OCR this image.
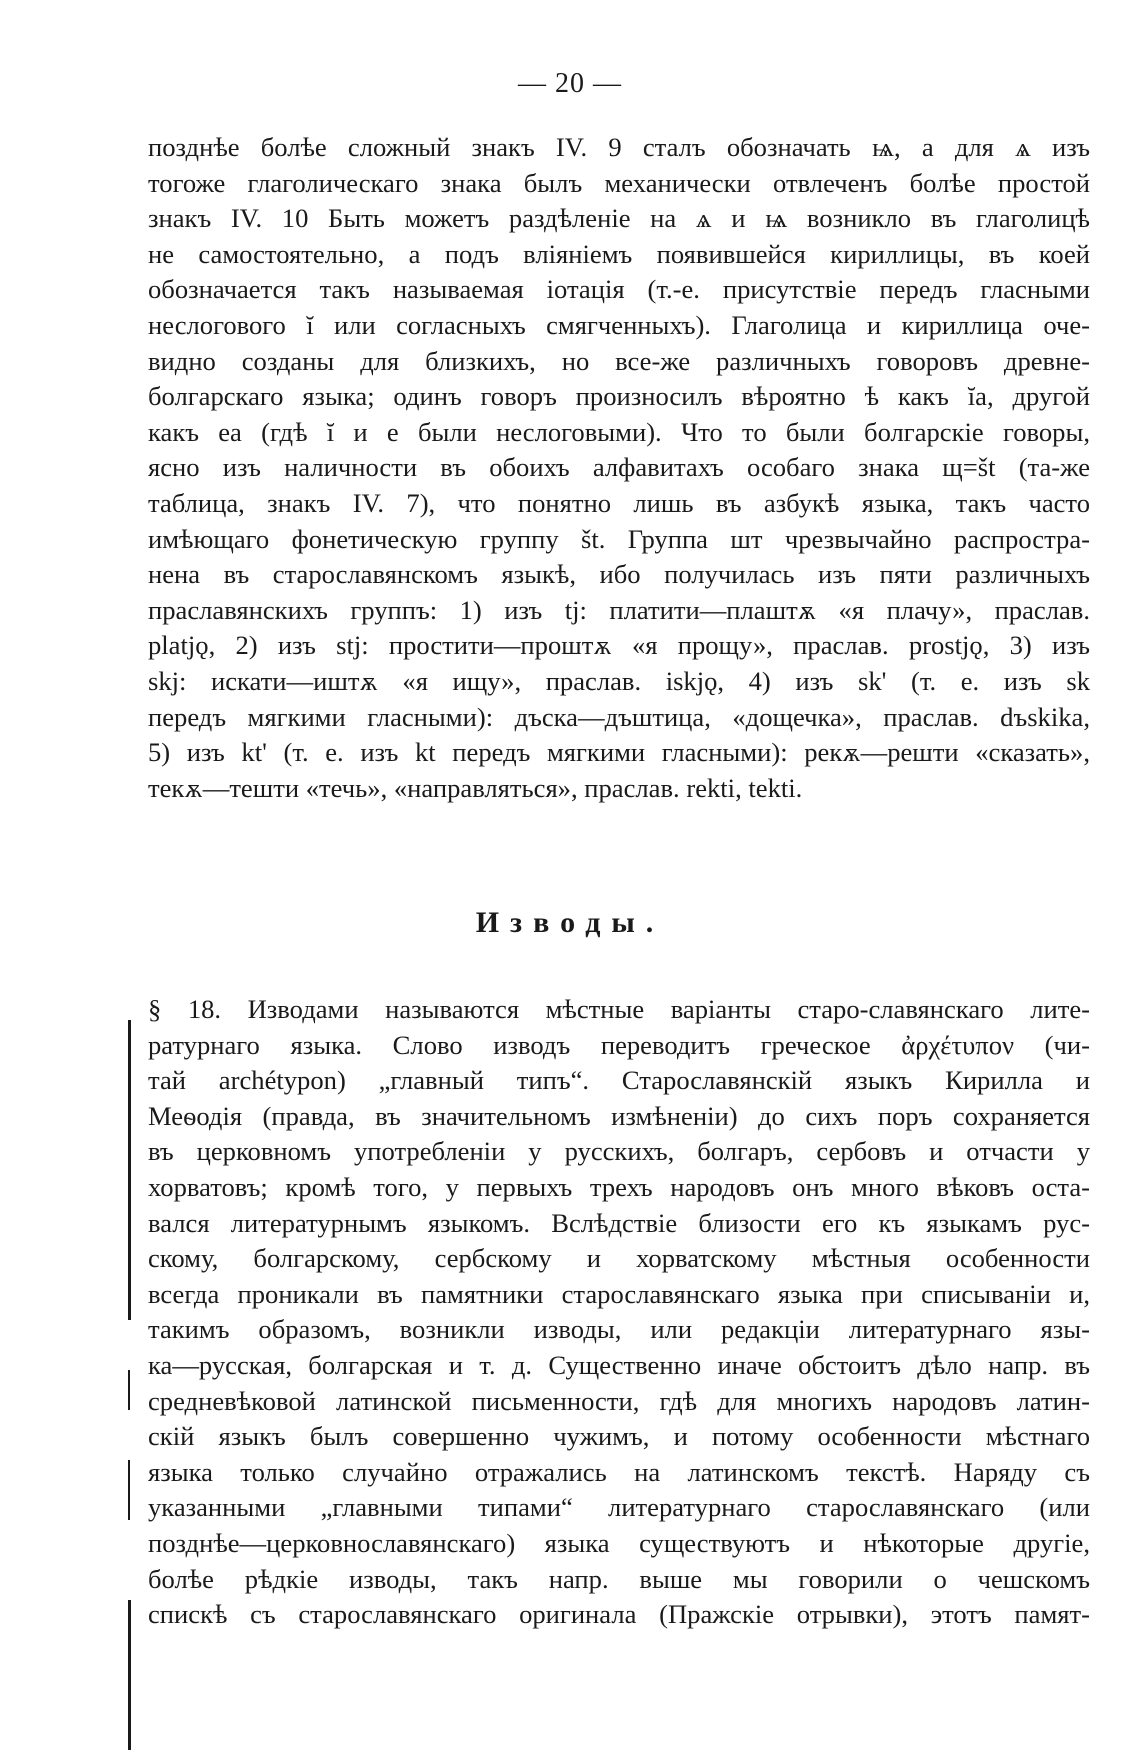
— 20 —
позднѣе болѣе сложный знакъ IV. 9 сталъ обозначать ѩ, а для ѧ изъ
тогоже глаголическаго знака былъ механически отвлеченъ болѣе простой
знакъ IV. 10 Быть можетъ раздѣленіе на ѧ и ѩ возникло въ глаголицѣ
не самостоятельно, а подъ вліяніемъ появившейся кириллицы, въ коей
обозначается такъ называемая іотація (т.-е. присутствіе передъ гласными
неслогового ĭ или согласныхъ смягченныхъ). Глаголица и кириллица оче-
видно созданы для близкихъ, но все-же различныхъ говоровъ древне-
болгарскаго языка; одинъ говоръ произносилъ вѣроятно ѣ какъ ĭa, другой
какъ ea (гдѣ ĭ и e были неслоговыми). Что то были болгарскіе говоры,
ясно изъ наличности въ обоихъ алфавитахъ особаго знака щ=št (та-же
таблица, знакъ IV. 7), что понятно лишь въ азбукѣ языка, такъ часто
имѣющаго фонетическую группу št. Группа шт чрезвычайно распростра-
нена въ старославянскомъ языкѣ, ибо получилась изъ пяти различныхъ
праславянскихъ группъ: 1) изъ tj: платити—плаштѫ «я плачу», праслав.
platjǫ, 2) изъ stj: простити—проштѫ «я прощу», праслав. prostjǫ, 3) изъ
skj: искати—иштѫ «я ищу», праслав. iskjǫ, 4) изъ sk' (т. е. изъ sk
передъ мягкими гласными): дъска—дъштица, «дощечка», праслав. dъskika,
5) изъ kt' (т. е. изъ kt передъ мягкими гласными): рекѫ—решти «сказать»,
текѫ—тешти «течь», «направляться», праслав. rekti, tekti.
Изводы.
§ 18. Изводами называются мѣстные варіанты старо-славянскаго лите-
ратурнаго языка. Слово изводъ переводитъ греческое ἀρχέτυπον (чи-
тай archétypon) „главный типъ“. Старославянскій языкъ Кирилла и
Меѳодія (правда, въ значительномъ измѣненіи) до сихъ поръ сохраняется
въ церковномъ употребленіи у русскихъ, болгаръ, сербовъ и отчасти у
хорватовъ; кромѣ того, у первыхъ трехъ народовъ онъ много вѣковъ оста-
вался литературнымъ языкомъ. Вслѣдствіе близости его къ языкамъ рус-
скому, болгарскому, сербскому и хорватскому мѣстныя особенности
всегда проникали въ памятники старославянскаго языка при списываніи и,
такимъ образомъ, возникли изводы, или редакціи литературнаго язы-
ка—русская, болгарская и т. д. Существенно иначе обстоитъ дѣло напр. въ
средневѣковой латинской письменности, гдѣ для многихъ народовъ латин-
скій языкъ былъ совершенно чужимъ, и потому особенности мѣстнаго
языка только случайно отражались на латинскомъ текстѣ. Наряду съ
указанными „главными типами“ литературнаго старославянскаго (или
позднѣе—церковнославянскаго) языка существуютъ и нѣкоторые другіе,
болѣе рѣдкіе изводы, такъ напр. выше мы говорили о чешскомъ
спискѣ съ старославянскаго оригинала (Пражскіе отрывки), этотъ памят-
